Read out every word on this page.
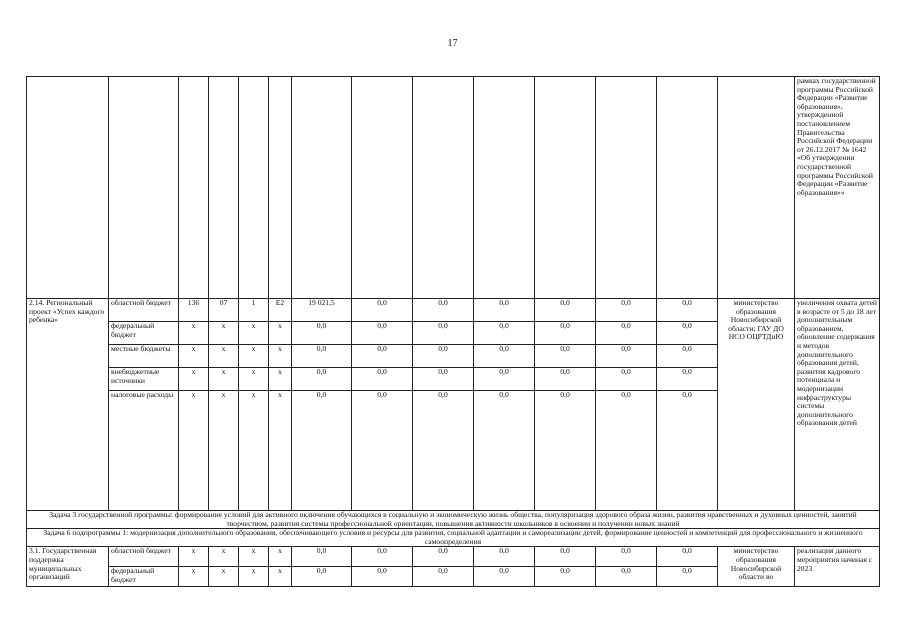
17
														рамках государственной программы Российской Федерации «Развитие образования», утвержденной постановлением Правительства Российской Федерации от 26.12.2017 № 1642 «Об утверждении государственной программы Российской Федерации «Развитие образования»«
2.14. Региональный проект «Успех каждого ребенка»	областной бюджет	136	07	1	E2	19 021,5	0,0	0,0	0,0	0,0	0,0	0,0	министерство образования Новосибирской области; ГАУ ДО НСО ОЦРТДиЮ	увеличения охвата детей в возрасте от 5 до 18 лет дополнительным образованием, обновление содержания и методов дополнительного образования детей, развития кадрового потенциала и модернизации инфраструктуры системы дополнительного образования детей
	федеральный бюджет	х	х	х	х	0,0	0,0	0,0	0,0	0,0	0,0	0,0		
	местные бюджеты	х	х	х	х	0,0	0,0	0,0	0,0	0,0	0,0	0,0		
	внебюджетные источники	х	х	х	х	0,0	0,0	0,0	0,0	0,0	0,0	0,0		
	налоговые расходы	х	х	х	х	0,0	0,0	0,0	0,0	0,0	0,0	0,0		
Задача 3 государственной программы: формирование условий для активного включения обучающихся в социальную и экономическую жизнь общества, популяризация здорового образа жизни, развития нравственных и духовных ценностей, занятий творчеством, развития системы профессиональной ориентации, повышения активности школьников в освоении и получении новых знаний														
Задача 6 подпрограммы 1: модернизация дополнительного образования, обеспечивающего условия и ресурсы для развития, социальной адаптации и самореализации детей, формирование ценностей и компетенций для профессионального и жизненного самоопределения														
3.1. Государственная поддержка муниципальных организаций	областной бюджет	х	х	х	х	0,0	0,0	0,0	0,0	0,0	0,0	0,0	министерство образования Новосибирской области во	реализация данного мероприятия начиная с 2023
	федеральный бюджет	х	х	х	х	0,0	0,0	0,0	0,0	0,0	0,0	0,0		
